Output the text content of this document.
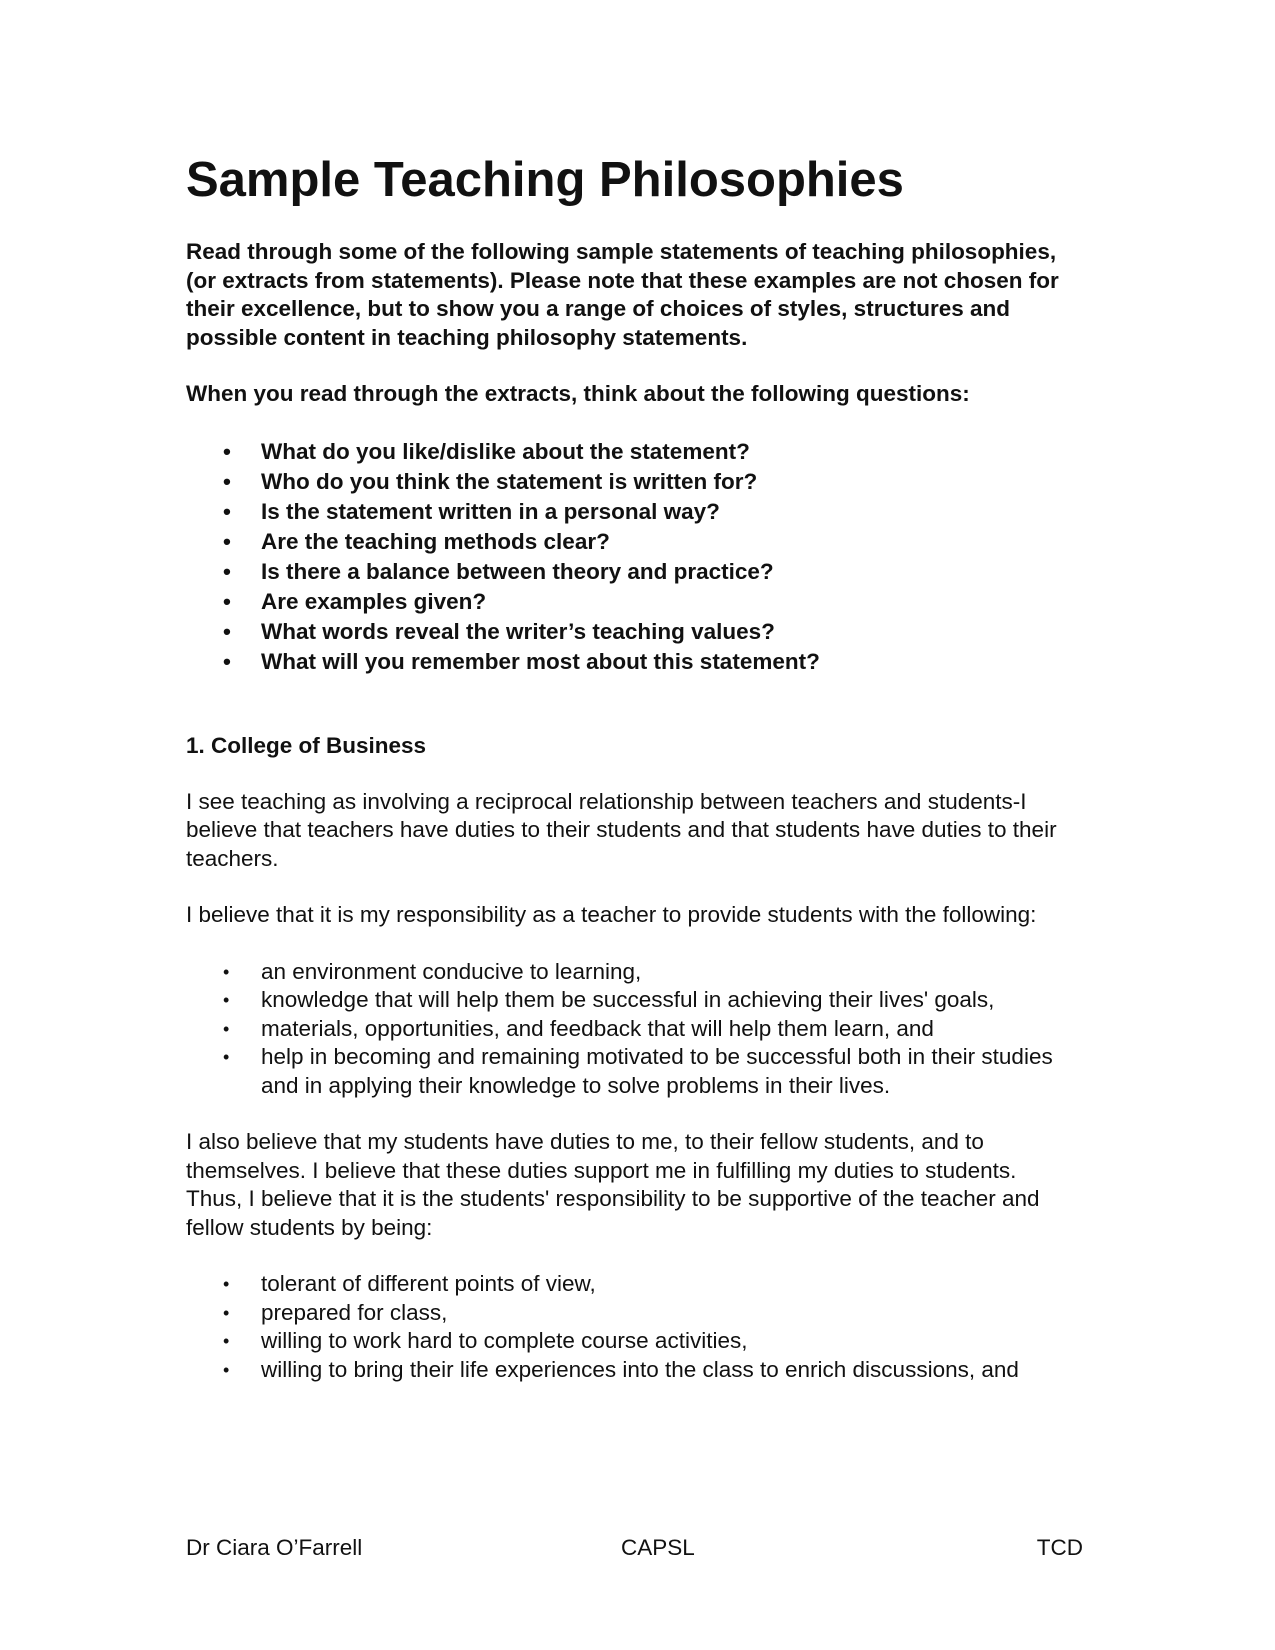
Sample Teaching Philosophies

Read through some of the following sample statements of teaching philosophies, (or extracts from statements). Please note that these examples are not chosen for their excellence, but to show you a range of choices of styles, structures and possible content in teaching philosophy statements.

When you read through the extracts, think about the following questions:

• What do you like/dislike about the statement?
• Who do you think the statement is written for?
• Is the statement written in a personal way?
• Are the teaching methods clear?
• Is there a balance between theory and practice?
• Are examples given?
• What words reveal the writer’s teaching values?
• What will you remember most about this statement?
1. College of Business

I see teaching as involving a reciprocal relationship between teachers and students-I believe that teachers have duties to their students and that students have duties to their teachers.

I believe that it is my responsibility as a teacher to provide students with the following:

• an environment conducive to learning,
• knowledge that will help them be successful in achieving their lives' goals,
• materials, opportunities, and feedback that will help them learn, and
• help in becoming and remaining motivated to be successful both in their studies and in applying their knowledge to solve problems in their lives.

I also believe that my students have duties to me, to their fellow students, and to themselves. I believe that these duties support me in fulfilling my duties to students. Thus, I believe that it is the students' responsibility to be supportive of the teacher and fellow students by being:

• tolerant of different points of view,
• prepared for class,
• willing to work hard to complete course activities,
• willing to bring their life experiences into the class to enrich discussions, and
Dr Ciara O’Farrell	CAPSL	TCD
